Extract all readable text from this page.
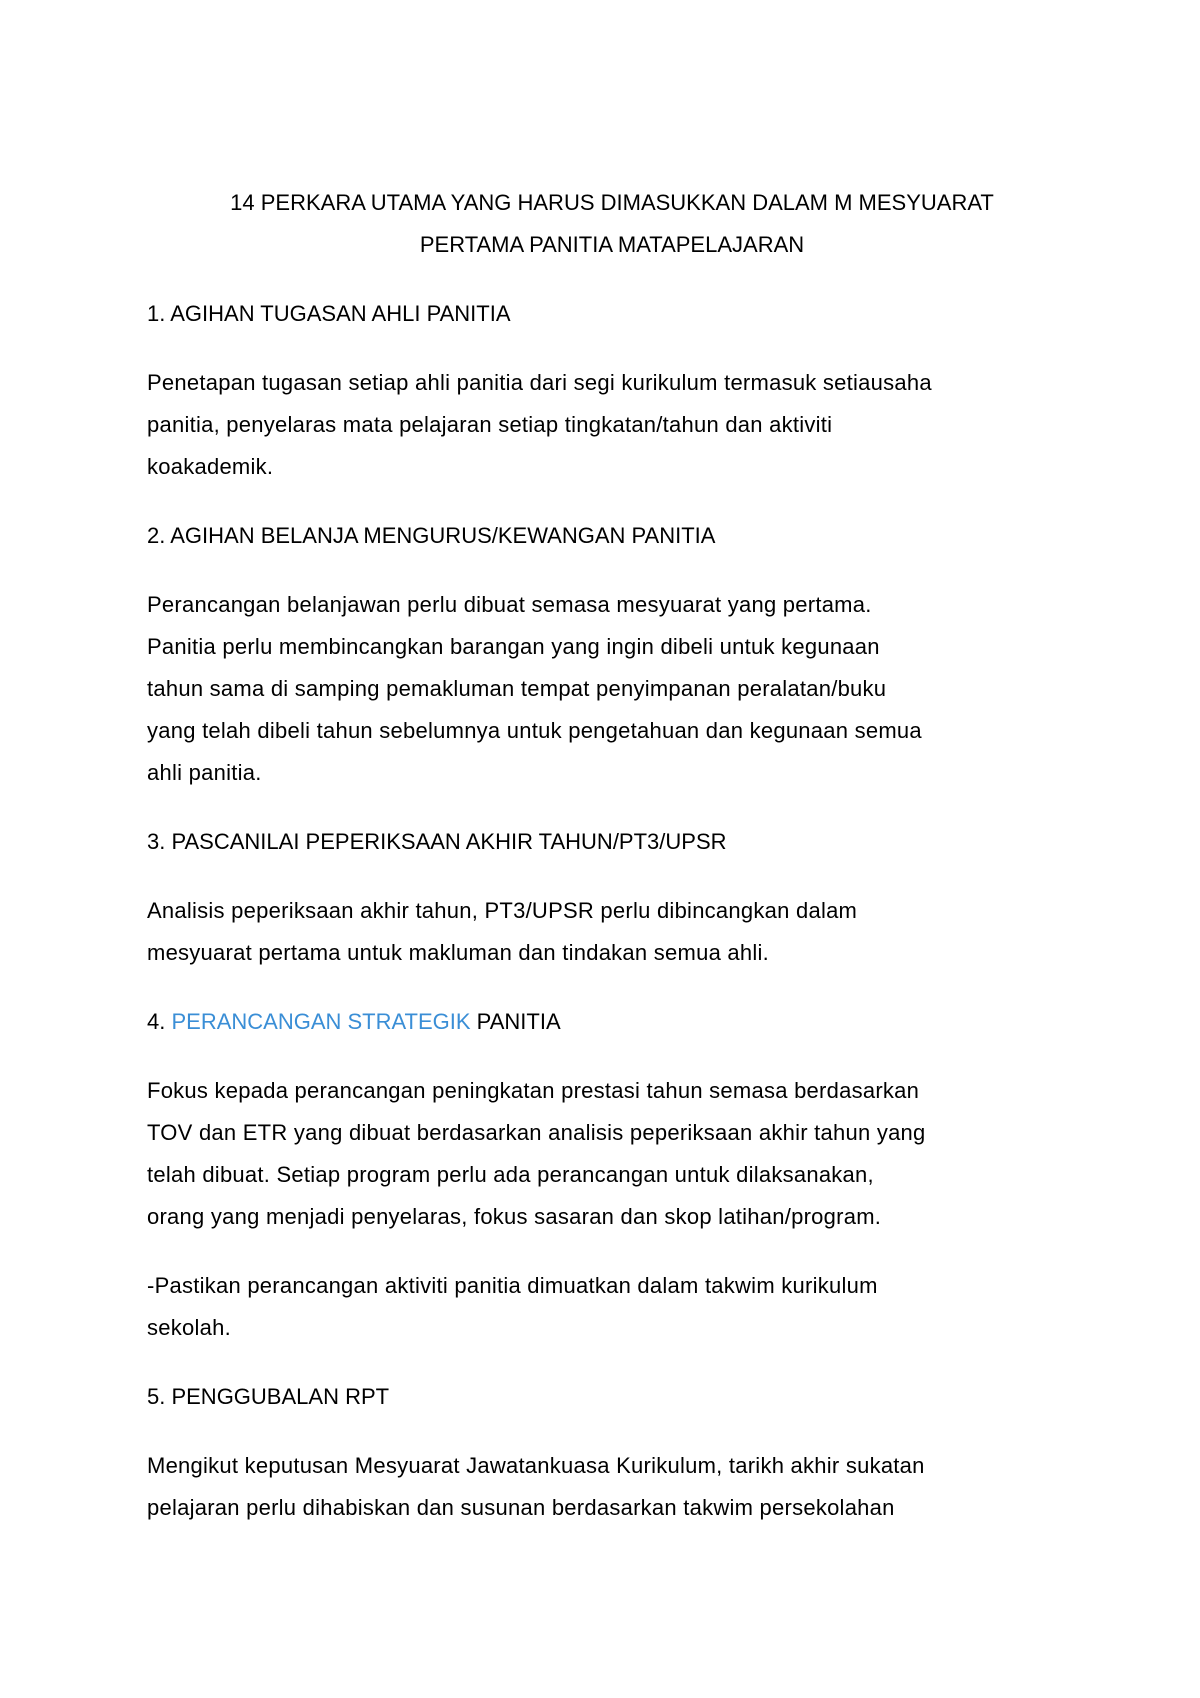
14 PERKARA UTAMA YANG HARUS DIMASUKKAN DALAM M MESYUARAT
PERTAMA PANITIA MATAPELAJARAN
1. AGIHAN TUGASAN AHLI PANITIA

Penetapan tugasan setiap ahli panitia dari segi kurikulum termasuk setiausaha
panitia, penyelaras mata pelajaran setiap tingkatan/tahun dan aktiviti
koakademik.

2. AGIHAN BELANJA MENGURUS/KEWANGAN PANITIA

Perancangan belanjawan perlu dibuat semasa mesyuarat yang pertama.
Panitia perlu membincangkan barangan yang ingin dibeli untuk kegunaan
tahun sama di samping pemakluman tempat penyimpanan peralatan/buku
yang telah dibeli tahun sebelumnya untuk pengetahuan dan kegunaan semua
ahli panitia.

3. PASCANILAI PEPERIKSAAN AKHIR TAHUN/PT3/UPSR

Analisis peperiksaan akhir tahun, PT3/UPSR perlu dibincangkan dalam
mesyuarat pertama untuk makluman dan tindakan semua ahli.

4. PERANCANGAN STRATEGIK PANITIA

Fokus kepada perancangan peningkatan prestasi tahun semasa berdasarkan
TOV dan ETR yang dibuat berdasarkan analisis peperiksaan akhir tahun yang
telah dibuat. Setiap program perlu ada perancangan untuk dilaksanakan,
orang yang menjadi penyelaras, fokus sasaran dan skop latihan/program.

-Pastikan perancangan aktiviti panitia dimuatkan dalam takwim kurikulum
sekolah.

5. PENGGUBALAN RPT

Mengikut keputusan Mesyuarat Jawatankuasa Kurikulum, tarikh akhir sukatan
pelajaran perlu dihabiskan dan susunan berdasarkan takwim persekolahan
